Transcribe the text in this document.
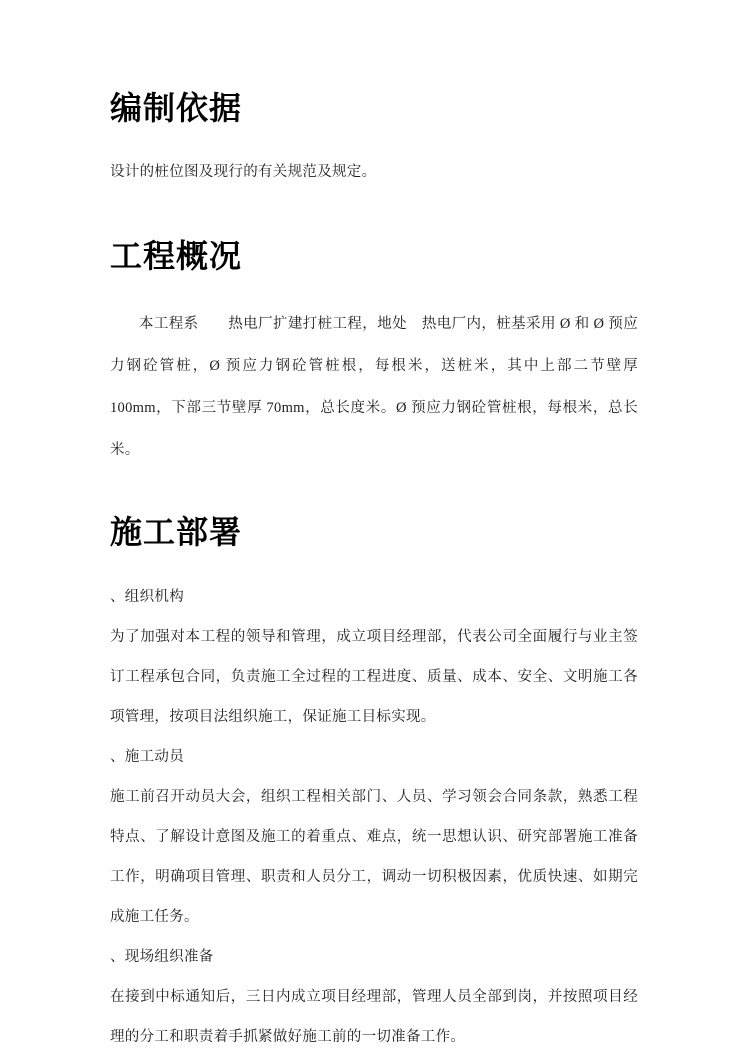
编制依据

设计的桩位图及现行的有关规范及规定。

工程概况

本工程系　　热电厂扩建打桩工程，地处　热电厂内，桩基采用 Ø 和 Ø 预应力钢砼管桩，Ø 预应力钢砼管桩根，每根米，送桩米，其中上部二节壁厚 100mm，下部三节壁厚 70mm，总长度米。Ø 预应力钢砼管桩根，每根米，总长米。

施工部署

、组织机构

为了加强对本工程的领导和管理，成立项目经理部，代表公司全面履行与业主签订工程承包合同，负责施工全过程的工程进度、质量、成本、安全、文明施工各项管理，按项目法组织施工，保证施工目标实现。

、施工动员

施工前召开动员大会，组织工程相关部门、人员、学习领会合同条款，熟悉工程特点、了解设计意图及施工的着重点、难点，统一思想认识、研究部署施工准备工作，明确项目管理、职责和人员分工，调动一切积极因素，优质快速、如期完成施工任务。

、现场组织准备

在接到中标通知后，三日内成立项目经理部，管理人员全部到岗，并按照项目经理的分工和职责着手抓紧做好施工前的一切准备工作。
